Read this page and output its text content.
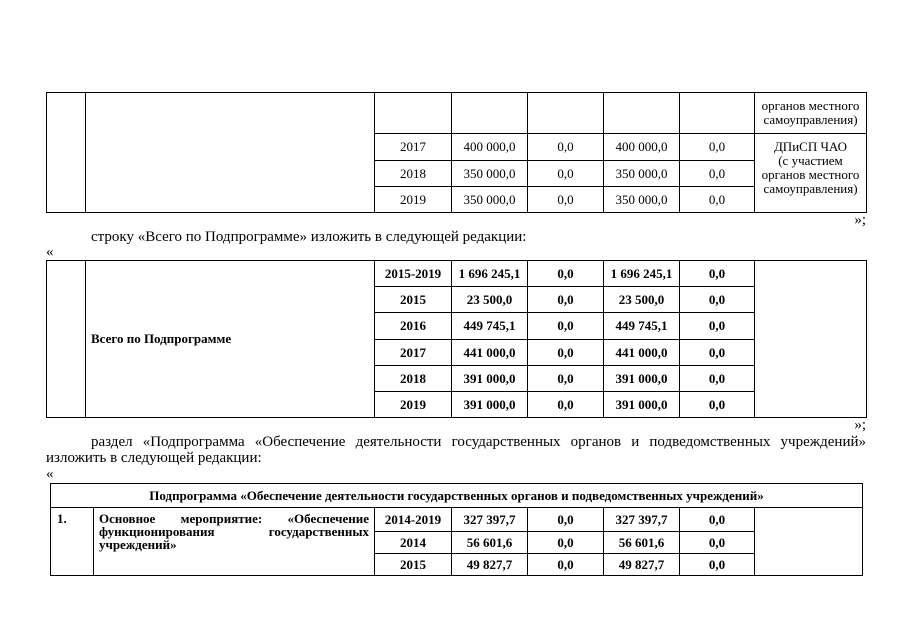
							органов местного
самоуправления)
		2017	400 000,0	0,0	400 000,0	0,0	ДПиСП ЧАО
(с участием
органов местного
самоуправления)
		2018	350 000,0	0,0	350 000,0	0,0	
		2019	350 000,0	0,0	350 000,0	0,0	
»;
строку «Всего по Подпрограмме» изложить в следующей редакции:
«
	Всего по Подпрограмме	2015-2019	1 696 245,1	0,0	1 696 245,1	0,0	
		2015	23 500,0	0,0	23 500,0	0,0	
		2016	449 745,1	0,0	449 745,1	0,0	
		2017	441 000,0	0,0	441 000,0	0,0	
		2018	391 000,0	0,0	391 000,0	0,0	
		2019	391 000,0	0,0	391 000,0	0,0	
»;
раздел «Подпрограмма «Обеспечение деятельности государственных органов и подведомственных учреждений»
изложить в следующей редакции:
«
Подпрограмма «Обеспечение деятельности государственных органов и подведомственных учреждений»							
1.	Основное мероприятие: «Обеспечение функционирования государственных учреждений»	2014-2019	327 397,7	0,0	327 397,7	0,0	
		2014	56 601,6	0,0	56 601,6	0,0	
		2015	49 827,7	0,0	49 827,7	0,0	
